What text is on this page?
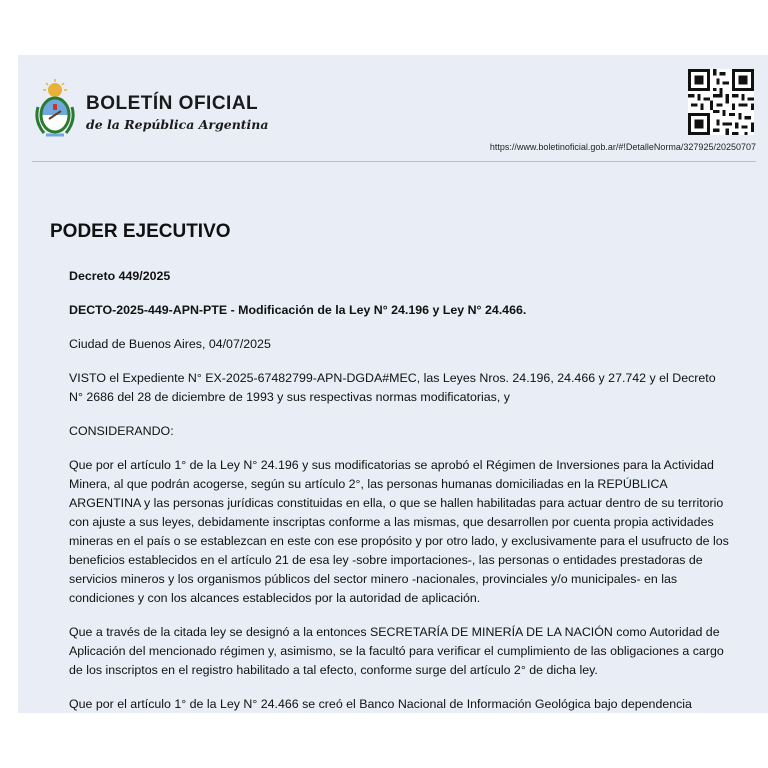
BOLETÍN OFICIAL
de la República Argentina
https://www.boletinoficial.gob.ar/#!DetalleNorma/327925/20250707
PODER EJECUTIVO

Decreto 449/2025

DECTO-2025-449-APN-PTE - Modificación de la Ley N° 24.196 y Ley N° 24.466.

Ciudad de Buenos Aires, 04/07/2025

VISTO el Expediente N° EX-2025-67482799-APN-DGDA#MEC, las Leyes Nros. 24.196, 24.466 y 27.742 y el Decreto N° 2686 del 28 de diciembre de 1993 y sus respectivas normas modificatorias, y

CONSIDERANDO:

Que por el artículo 1° de la Ley N° 24.196 y sus modificatorias se aprobó el Régimen de Inversiones para la Actividad Minera, al que podrán acogerse, según su artículo 2°, las personas humanas domiciliadas en la REPÚBLICA ARGENTINA y las personas jurídicas constituidas en ella, o que se hallen habilitadas para actuar dentro de su territorio con ajuste a sus leyes, debidamente inscriptas conforme a las mismas, que desarrollen por cuenta propia actividades mineras en el país o se establezcan en este con ese propósito y por otro lado, y exclusivamente para el usufructo de los beneficios establecidos en el artículo 21 de esa ley -sobre importaciones-, las personas o entidades prestadoras de servicios mineros y los organismos públicos del sector minero -nacionales, provinciales y/o municipales- en las condiciones y con los alcances establecidos por la autoridad de aplicación.

Que a través de la citada ley se designó a la entonces SECRETARÍA DE MINERÍA DE LA NACIÓN como Autoridad de Aplicación del mencionado régimen y, asimismo, se la facultó para verificar el cumplimiento de las obligaciones a cargo de los inscriptos en el registro habilitado a tal efecto, conforme surge del artículo 2° de dicha ley.

Que por el artículo 1° de la Ley N° 24.466 se creó el Banco Nacional de Información Geológica bajo dependencia
